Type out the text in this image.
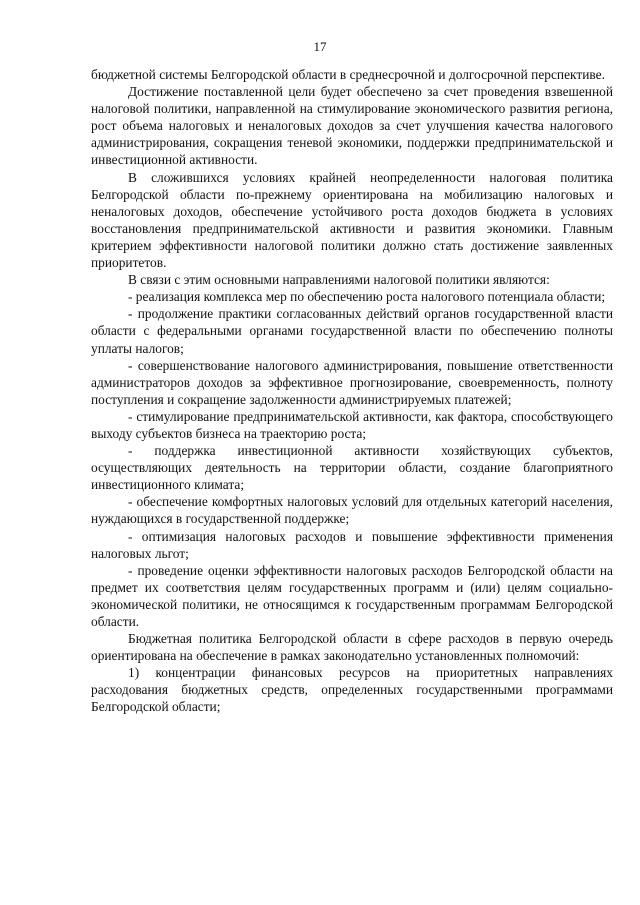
17

бюджетной системы Белгородской области в среднесрочной и долгосрочной перспективе.

Достижение поставленной цели будет обеспечено за счет проведения взвешенной налоговой политики, направленной на стимулирование экономического развития региона, рост объема налоговых и неналоговых доходов за счет улучшения качества налогового администрирования, сокращения теневой экономики, поддержки предпринимательской и инвестиционной активности.

В сложившихся условиях крайней неопределенности налоговая политика Белгородской области по-прежнему ориентирована на мобилизацию налоговых и неналоговых доходов, обеспечение устойчивого роста доходов бюджета в условиях восстановления предпринимательской активности и развития экономики. Главным критерием эффективности налоговой политики должно стать достижение заявленных приоритетов.

В связи с этим основными направлениями налоговой политики являются:

- реализация комплекса мер по обеспечению роста налогового потенциала области;

- продолжение практики согласованных действий органов государственной власти области с федеральными органами государственной власти по обеспечению полноты уплаты налогов;

- совершенствование налогового администрирования, повышение ответственности администраторов доходов за эффективное прогнозирование, своевременность, полноту поступления и сокращение задолженности администрируемых платежей;

- стимулирование предпринимательской активности, как фактора, способствующего выходу субъектов бизнеса на траекторию роста;

- поддержка инвестиционной активности хозяйствующих субъектов, осуществляющих деятельность на территории области, создание благоприятного инвестиционного климата;

- обеспечение комфортных налоговых условий для отдельных категорий населения, нуждающихся в государственной поддержке;

- оптимизация налоговых расходов и повышение эффективности применения налоговых льгот;

- проведение оценки эффективности налоговых расходов Белгородской области на предмет их соответствия целям государственных программ и (или) целям социально-экономической политики, не относящимся к государственным программам Белгородской области.

Бюджетная политика Белгородской области в сфере расходов в первую очередь ориентирована на обеспечение в рамках законодательно установленных полномочий:

1) концентрации финансовых ресурсов на приоритетных направлениях расходования бюджетных средств, определенных государственными программами Белгородской области;
